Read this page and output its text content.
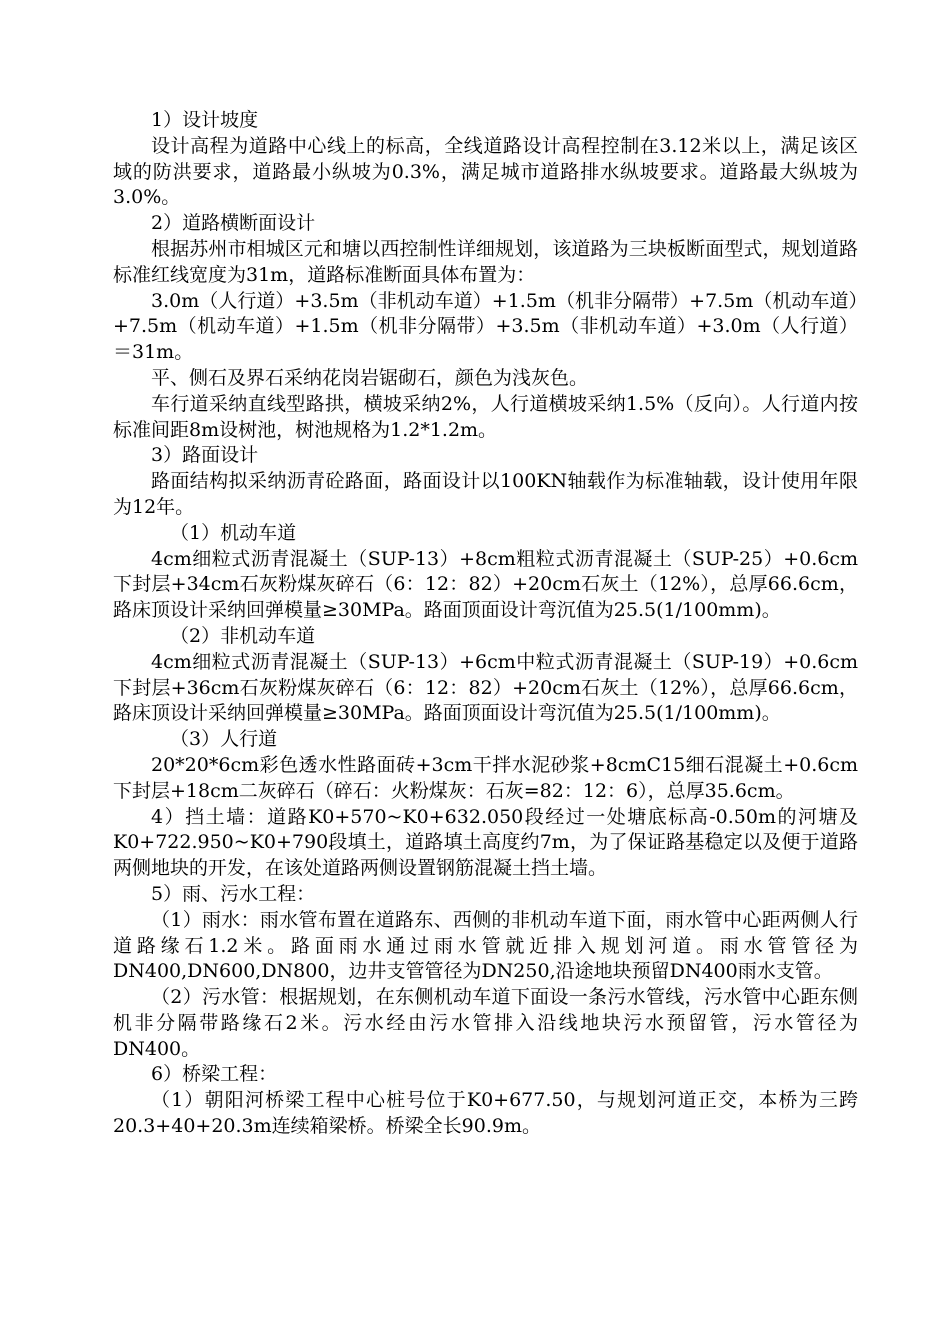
1）设计坡度

设计高程为道路中心线上的标高，全线道路设计高程控制在3.12米以上，满足该区域的防洪要求，道路最小纵坡为0.3%，满足城市道路排水纵坡要求。道路最大纵坡为3.0%。

2）道路横断面设计

根据苏州市相城区元和塘以西控制性详细规划，该道路为三块板断面型式，规划道路标准红线宽度为31m，道路标准断面具体布置为：

3.0m（人行道）+3.5m（非机动车道）+1.5m（机非分隔带）+7.5m（机动车道）+7.5m（机动车道）+1.5m（机非分隔带）+3.5m（非机动车道）+3.0m（人行道）＝31m。

平、侧石及界石采纳花岗岩锯砌石，颜色为浅灰色。

车行道采纳直线型路拱，横坡采纳2%，人行道横坡采纳1.5%（反向）。人行道内按标准间距8m设树池，树池规格为1.2*1.2m。

3）路面设计

路面结构拟采纳沥青砼路面，路面设计以100KN轴载作为标准轴载，设计使用年限为12年。

（1）机动车道

4cm细粒式沥青混凝土（SUP-13）+8cm粗粒式沥青混凝土（SUP-25）+0.6cm下封层+34cm石灰粉煤灰碎石（6：12：82）+20cm石灰土（12%），总厚66.6cm，路床顶设计采纳回弹模量≥30MPa。路面顶面设计弯沉值为25.5(1/100mm)。

（2）非机动车道

4cm细粒式沥青混凝土（SUP-13）+6cm中粒式沥青混凝土（SUP-19）+0.6cm下封层+36cm石灰粉煤灰碎石（6：12：82）+20cm石灰土（12%），总厚66.6cm，路床顶设计采纳回弹模量≥30MPa。路面顶面设计弯沉值为25.5(1/100mm)。

（3）人行道

20*20*6cm彩色透水性路面砖+3cm干拌水泥砂浆+8cmC15细石混凝土+0.6cm下封层+18cm二灰碎石（碎石：火粉煤灰：石灰=82：12：6），总厚35.6cm。

4）挡土墙：道路K0+570~K0+632.050段经过一处塘底标高-0.50m的河塘及K0+722.950~K0+790段填土，道路填土高度约7m，为了保证路基稳定以及便于道路两侧地块的开发，在该处道路两侧设置钢筋混凝土挡土墙。

5）雨、污水工程：

（1）雨水：雨水管布置在道路东、西侧的非机动车道下面，雨水管中心距两侧人行道路缘石1.2米。路面雨水通过雨水管就近排入规划河道。雨水管管径为DN400,DN600,DN800，边井支管管径为DN250,沿途地块预留DN400雨水支管。

（2）污水管：根据规划，在东侧机动车道下面设一条污水管线，污水管中心距东侧机非分隔带路缘石2米。污水经由污水管排入沿线地块污水预留管，污水管径为DN400。

6）桥梁工程：

（1）朝阳河桥梁工程中心桩号位于K0+677.50，与规划河道正交，本桥为三跨20.3+40+20.3m连续箱梁桥。桥梁全长90.9m。
